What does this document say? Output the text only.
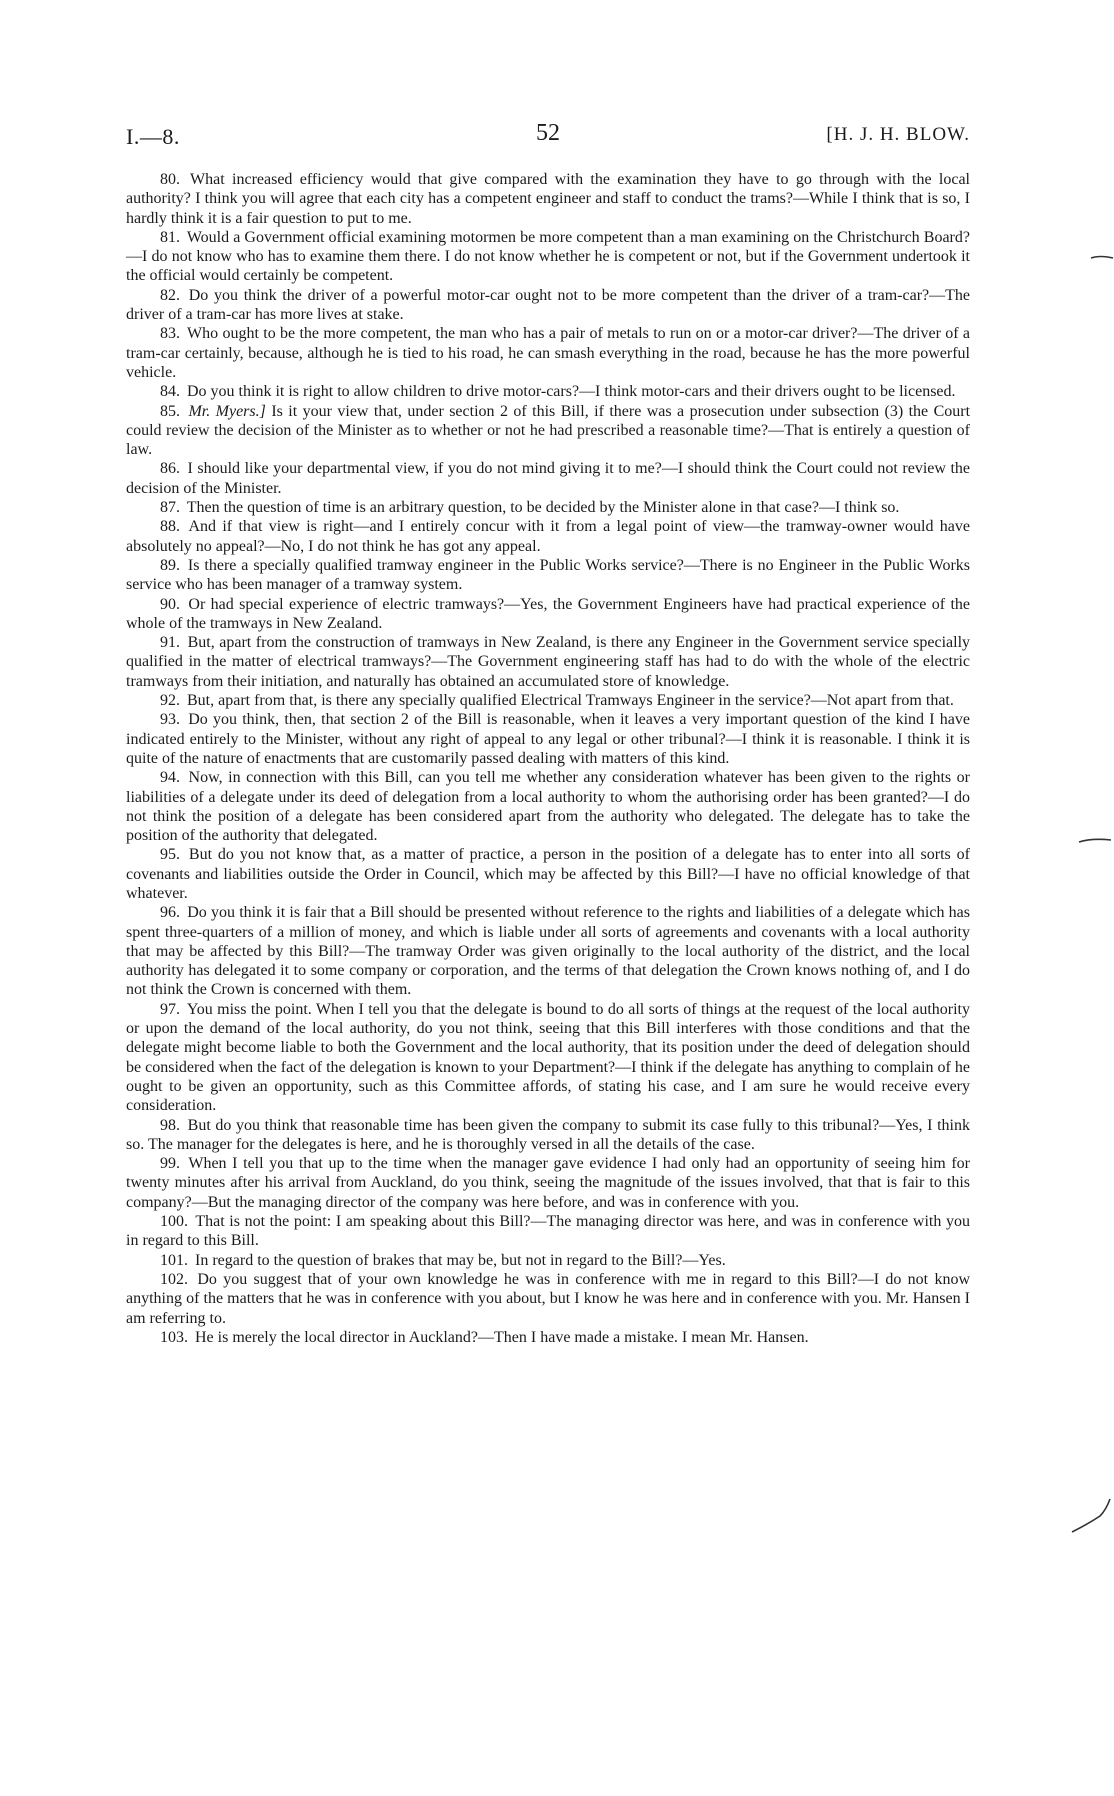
I.—8.	52	[H. J. H. BLOW.

80. What increased efficiency would that give compared with the examination they have to go through with the local authority? I think you will agree that each city has a competent engineer and staff to conduct the trams?—While I think that is so, I hardly think it is a fair question to put to me.

81. Would a Government official examining motormen be more competent than a man examining on the Christchurch Board?—I do not know who has to examine them there. I do not know whether he is competent or not, but if the Government undertook it the official would certainly be competent.

82. Do you think the driver of a powerful motor-car ought not to be more competent than the driver of a tram-car?—The driver of a tram-car has more lives at stake.

83. Who ought to be the more competent, the man who has a pair of metals to run on or a motor-car driver?—The driver of a tram-car certainly, because, although he is tied to his road, he can smash everything in the road, because he has the more powerful vehicle.

84. Do you think it is right to allow children to drive motor-cars?—I think motor-cars and their drivers ought to be licensed.

85. Mr. Myers.] Is it your view that, under section 2 of this Bill, if there was a prosecution under subsection (3) the Court could review the decision of the Minister as to whether or not he had prescribed a reasonable time?—That is entirely a question of law.

86. I should like your departmental view, if you do not mind giving it to me?—I should think the Court could not review the decision of the Minister.

87. Then the question of time is an arbitrary question, to be decided by the Minister alone in that case?—I think so.

88. And if that view is right—and I entirely concur with it from a legal point of view—the tramway-owner would have absolutely no appeal?—No, I do not think he has got any appeal.

89. Is there a specially qualified tramway engineer in the Public Works service?—There is no Engineer in the Public Works service who has been manager of a tramway system.

90. Or had special experience of electric tramways?—Yes, the Government Engineers have had practical experience of the whole of the tramways in New Zealand.

91. But, apart from the construction of tramways in New Zealand, is there any Engineer in the Government service specially qualified in the matter of electrical tramways?—The Government engineering staff has had to do with the whole of the electric tramways from their initiation, and naturally has obtained an accumulated store of knowledge.

92. But, apart from that, is there any specially qualified Electrical Tramways Engineer in the service?—Not apart from that.

93. Do you think, then, that section 2 of the Bill is reasonable, when it leaves a very important question of the kind I have indicated entirely to the Minister, without any right of appeal to any legal or other tribunal?—I think it is reasonable. I think it is quite of the nature of enactments that are customarily passed dealing with matters of this kind.

94. Now, in connection with this Bill, can you tell me whether any consideration whatever has been given to the rights or liabilities of a delegate under its deed of delegation from a local authority to whom the authorising order has been granted?—I do not think the position of a delegate has been considered apart from the authority who delegated. The delegate has to take the position of the authority that delegated.

95. But do you not know that, as a matter of practice, a person in the position of a delegate has to enter into all sorts of covenants and liabilities outside the Order in Council, which may be affected by this Bill?—I have no official knowledge of that whatever.

96. Do you think it is fair that a Bill should be presented without reference to the rights and liabilities of a delegate which has spent three-quarters of a million of money, and which is liable under all sorts of agreements and covenants with a local authority that may be affected by this Bill?—The tramway Order was given originally to the local authority of the district, and the local authority has delegated it to some company or corporation, and the terms of that delegation the Crown knows nothing of, and I do not think the Crown is concerned with them.

97. You miss the point. When I tell you that the delegate is bound to do all sorts of things at the request of the local authority or upon the demand of the local authority, do you not think, seeing that this Bill interferes with those conditions and that the delegate might become liable to both the Government and the local authority, that its position under the deed of delegation should be considered when the fact of the delegation is known to your Department?—I think if the delegate has anything to complain of he ought to be given an opportunity, such as this Committee affords, of stating his case, and I am sure he would receive every consideration.

98. But do you think that reasonable time has been given the company to submit its case fully to this tribunal?—Yes, I think so. The manager for the delegates is here, and he is thoroughly versed in all the details of the case.

99. When I tell you that up to the time when the manager gave evidence I had only had an opportunity of seeing him for twenty minutes after his arrival from Auckland, do you think, seeing the magnitude of the issues involved, that that is fair to this company?—But the managing director of the company was here before, and was in conference with you.

100. That is not the point: I am speaking about this Bill?—The managing director was here, and was in conference with you in regard to this Bill.

101. In regard to the question of brakes that may be, but not in regard to the Bill?—Yes.

102. Do you suggest that of your own knowledge he was in conference with me in regard to this Bill?—I do not know anything of the matters that he was in conference with you about, but I know he was here and in conference with you. Mr. Hansen I am referring to.

103. He is merely the local director in Auckland?—Then I have made a mistake. I mean Mr. Hansen.
